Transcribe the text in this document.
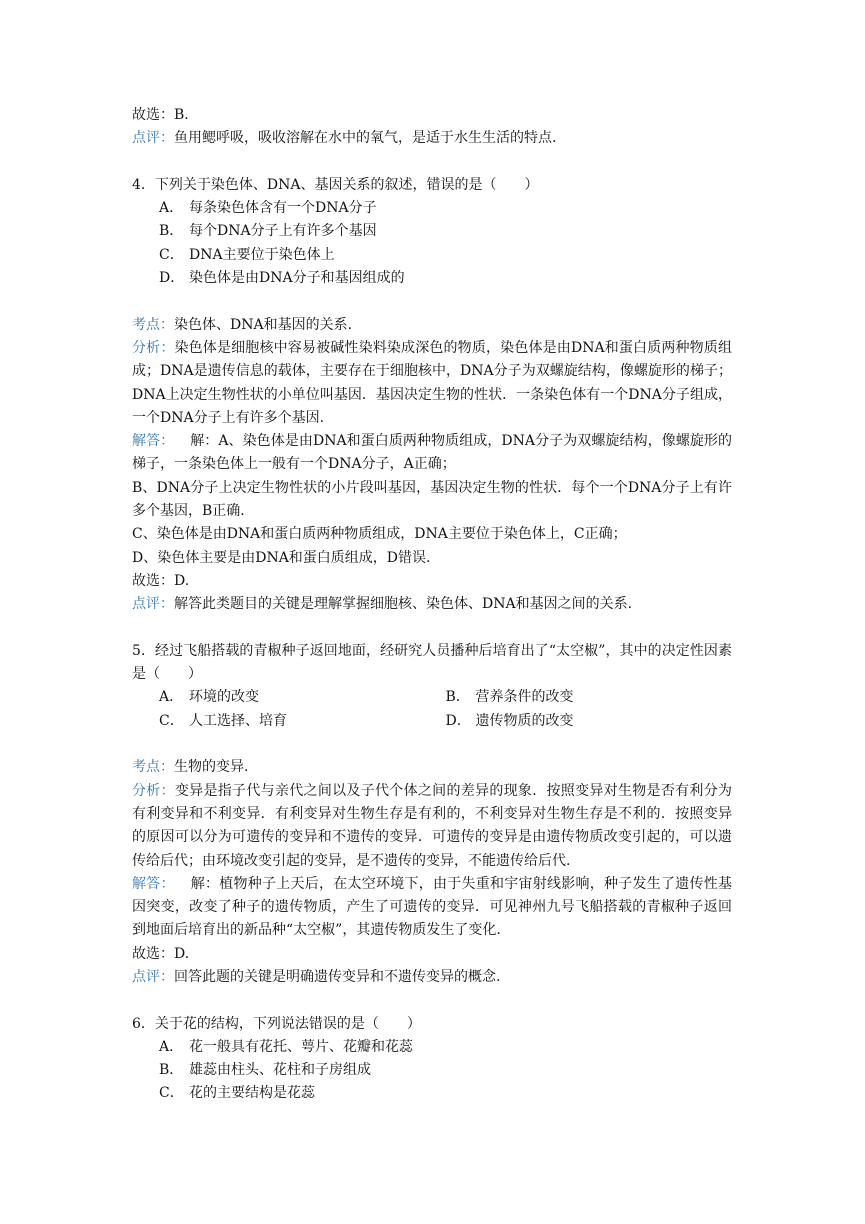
故选：B.
点评：鱼用鳃呼吸，吸收溶解在水中的氧气，是适于水生生活的特点.
4．下列关于染色体、DNA、基因关系的叙述，错误的是（　　）
A． 每条染色体含有一个DNA分子
B． 每个DNA分子上有许多个基因
C． DNA主要位于染色体上
D． 染色体是由DNA分子和基因组成的
考点：染色体、DNA和基因的关系.
分析：染色体是细胞核中容易被碱性染料染成深色的物质，染色体是由DNA和蛋白质两种物质组成；DNA是遗传信息的载体，主要存在于细胞核中，DNA分子为双螺旋结构，像螺旋形的梯子；DNA上决定生物性状的小单位叫基因．基因决定生物的性状．一条染色体有一个DNA分子组成，一个DNA分子上有许多个基因.
解答： 解：A、染色体是由DNA和蛋白质两种物质组成，DNA分子为双螺旋结构，像螺旋形的梯子，一条染色体上一般有一个DNA分子，A正确；
B、DNA分子上决定生物性状的小片段叫基因，基因决定生物的性状．每个一个DNA分子上有许多个基因，B正确.
C、染色体是由DNA和蛋白质两种物质组成，DNA主要位于染色体上，C正确；
D、染色体主要是由DNA和蛋白质组成，D错误.
故选：D.
点评：解答此类题目的关键是理解掌握细胞核、染色体、DNA和基因之间的关系.
5．经过飞船搭载的青椒种子返回地面，经研究人员播种后培育出了“太空椒”，其中的决定性因素是（　　）
A． 环境的改变	B． 营养条件的改变
C． 人工选择、培育	D． 遗传物质的改变
考点：生物的变异.
分析：变异是指子代与亲代之间以及子代个体之间的差异的现象．按照变异对生物是否有利分为有利变异和不利变异．有利变异对生物生存是有利的，不利变异对生物生存是不利的．按照变异的原因可以分为可遗传的变异和不遗传的变异．可遗传的变异是由遗传物质改变引起的，可以遗传给后代；由环境改变引起的变异，是不遗传的变异，不能遗传给后代.
解答： 解：植物种子上天后，在太空环境下，由于失重和宇宙射线影响，种子发生了遗传性基因突变，改变了种子的遗传物质，产生了可遗传的变异．可见神州九号飞船搭载的青椒种子返回到地面后培育出的新品种“太空椒”，其遗传物质发生了变化.
故选：D.
点评：回答此题的关键是明确遗传变异和不遗传变异的概念.
6．关于花的结构，下列说法错误的是（　　）
A． 花一般具有花托、萼片、花瓣和花蕊
B． 雄蕊由柱头、花柱和子房组成
C． 花的主要结构是花蕊
